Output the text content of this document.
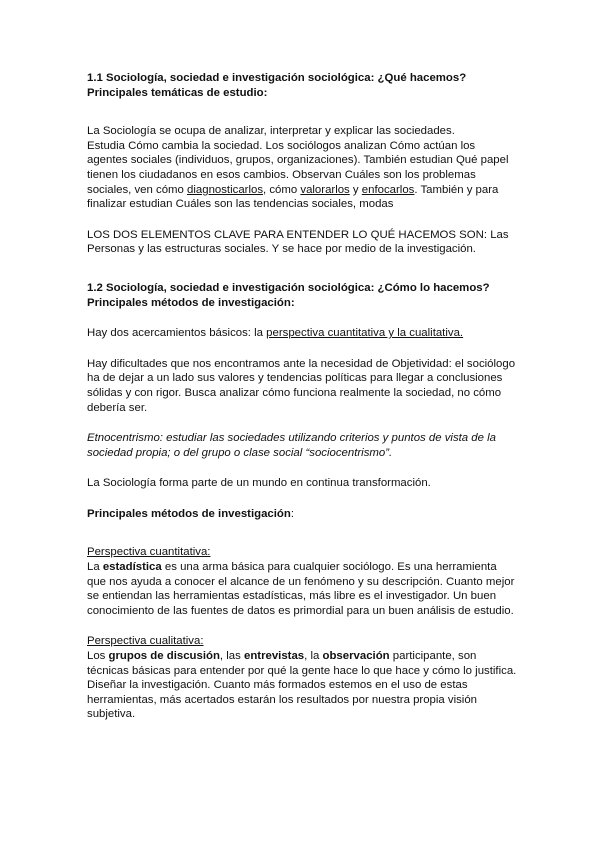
1.1 Sociología, sociedad e investigación sociológica: ¿Qué hacemos?
Principales temáticas de estudio:

La Sociología se ocupa de analizar, interpretar y explicar las sociedades.
Estudia Cómo cambia la sociedad. Los sociólogos analizan Cómo actúan los agentes sociales (individuos, grupos, organizaciones). También estudian Qué papel tienen los ciudadanos en esos cambios. Observan Cuáles son los problemas sociales, ven cómo diagnosticarlos, cómo valorarlos y enfocarlos. También y para finalizar estudian Cuáles son las tendencias sociales, modas

LOS DOS ELEMENTOS CLAVE PARA ENTENDER LO QUÉ HACEMOS SON: Las Personas y las estructuras sociales. Y se hace por medio de la investigación.

1.2 Sociología, sociedad e investigación sociológica: ¿Cómo lo hacemos?
Principales métodos de investigación:

Hay dos acercamientos básicos: la perspectiva cuantitativa y la cualitativa.

Hay dificultades que nos encontramos ante la necesidad de Objetividad: el sociólogo ha de dejar a un lado sus valores y tendencias políticas para llegar a conclusiones sólidas y con rigor. Busca analizar cómo funciona realmente la sociedad, no cómo debería ser.

Etnocentrismo: estudiar las sociedades utilizando criterios y puntos de vista de la sociedad propia; o del grupo o clase social “sociocentrismo”.

La Sociología forma parte de un mundo en continua transformación.

Principales métodos de investigación:

Perspectiva cuantitativa:

La estadística es una arma básica para cualquier sociólogo. Es una herramienta que nos ayuda a conocer el alcance de un fenómeno y su descripción. Cuanto mejor se entiendan las herramientas estadísticas, más libre es el investigador. Un buen conocimiento de las fuentes de datos es primordial para un buen análisis de estudio.

Perspectiva cualitativa:

Los grupos de discusión, las entrevistas, la observación participante, son técnicas básicas para entender por qué la gente hace lo que hace y cómo lo justifica. Diseñar la investigación. Cuanto más formados estemos en el uso de estas herramientas, más acertados estarán los resultados por nuestra propia visión subjetiva.
